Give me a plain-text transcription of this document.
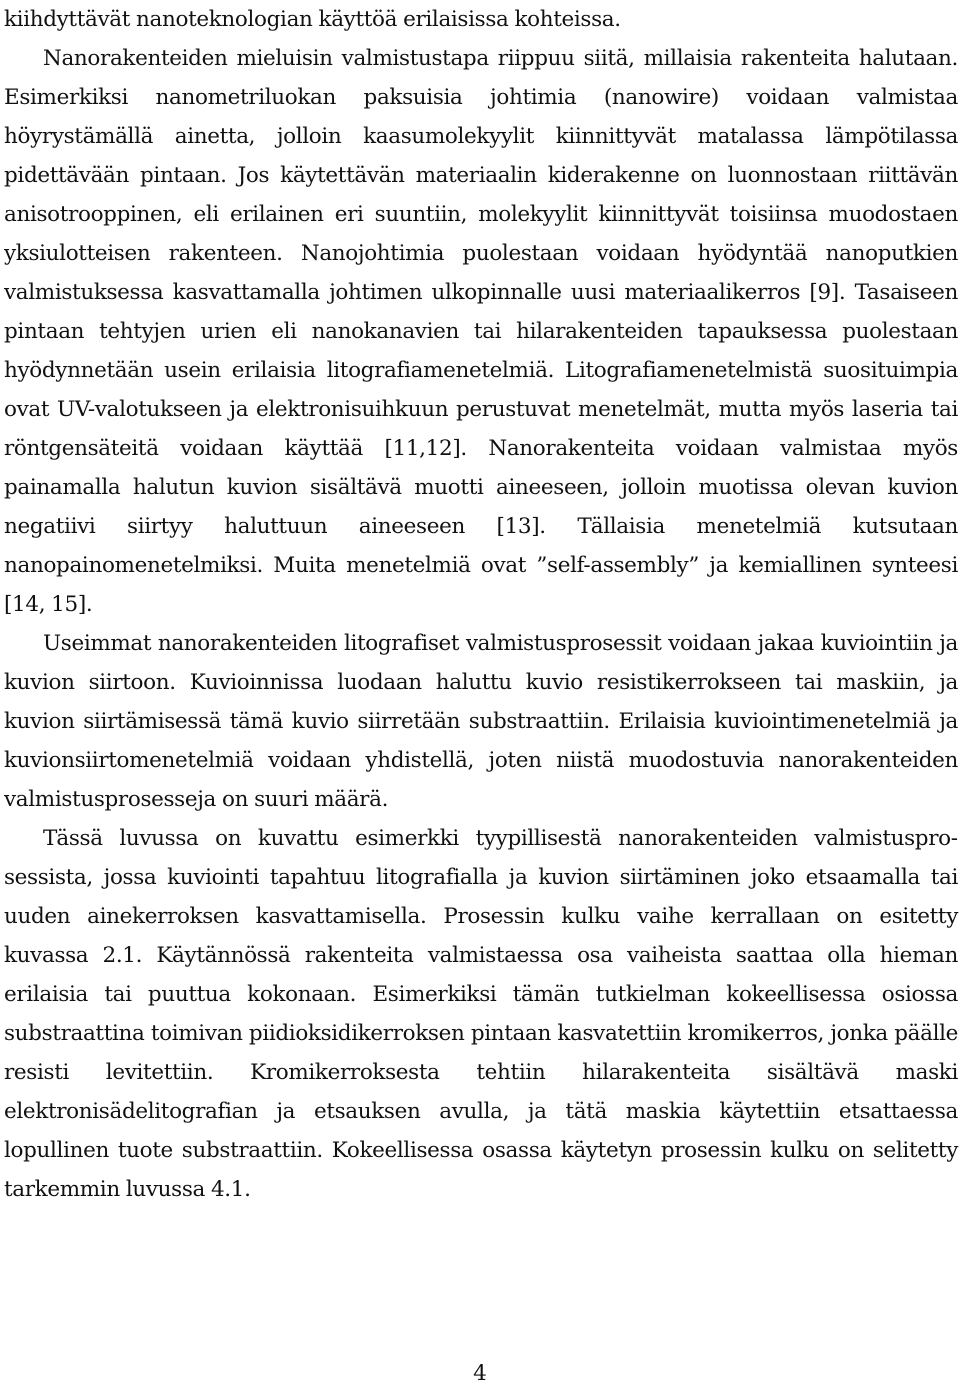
kiihdyttävät nanoteknologian käyttöä erilaisissa kohteissa.

Nanorakenteiden mieluisin valmistustapa riippuu siitä, millaisia rakenteita halutaan. Esimerkiksi nanometriluokan paksuisia johtimia (nanowire) voidaan valmistaa höyrystämällä ainetta, jolloin kaasumolekyylit kiinnittyvät matalassa lämpötilassa pidettävään pintaan. Jos käytettävän materiaalin kiderakenne on luonnostaan riittävän anisotrooppinen, eli erilainen eri suuntiin, molekyylit kiinnittyvät toisiinsa muodostaen yksiulotteisen rakenteen. Nanojohtimia puolestaan voidaan hyödyntää nanoputkien valmistuksessa kasvattamalla johtimen ulkopinnalle uusi materiaalikerros [9]. Tasaiseen pintaan tehtyjen urien eli nanokanavien tai hilarakenteiden tapauksessa puolestaan hyödynnetään usein erilaisia litografiamenetelmiä. Litografiamenetelmistä suosituimpia ovat UV-valotukseen ja elektronisuihkuun perustuvat menetelmät, mutta myös laseria tai röntgensäteitä voidaan käyttää [11,12]. Nanorakenteita voidaan valmistaa myös painamalla halutun kuvion sisältävä muotti aineeseen, jolloin muotissa olevan kuvion negatiivi siirtyy haluttuun aineeseen [13]. Tällaisia menetelmiä kutsutaan nanopainomenetelmiksi. Muita menetelmiä ovat ”self-assembly” ja kemiallinen synteesi [14, 15].

Useimmat nanorakenteiden litografiset valmistusprosessit voidaan jakaa kuviointiin ja kuvion siirtoon. Kuvioinnissa luodaan haluttu kuvio resistikerrokseen tai maskiin, ja kuvion siirtämisessä tämä kuvio siirretään substraattiin. Erilaisia kuviointimenetelmiä ja kuvionsiirtomenetelmiä voidaan yhdistellä, joten niistä muodostuvia nanorakenteiden valmistusprosesseja on suuri määrä.

Tässä luvussa on kuvattu esimerkki tyypillisestä nanorakenteiden valmistusprosessista, jossa kuviointi tapahtuu litografialla ja kuvion siirtäminen joko etsaamalla tai uuden ainekerroksen kasvattamisella. Prosessin kulku vaihe kerrallaan on esitetty kuvassa 2.1. Käytännössä rakenteita valmistaessa osa vaiheista saattaa olla hieman erilaisia tai puuttua kokonaan. Esimerkiksi tämän tutkielman kokeellisessa osiossa substraattina toimivan piidioksidikerroksen pintaan kasvatettiin kromikerros, jonka päälle resisti levitettiin. Kromikerroksesta tehtiin hilarakenteita sisältävä maski elektronisädelitografian ja etsauksen avulla, ja tätä maskia käytettiin etsattaessa lopullinen tuote substraattiin. Kokeellisessa osassa käytetyn prosessin kulku on selitetty tarkemmin luvussa 4.1.

4
